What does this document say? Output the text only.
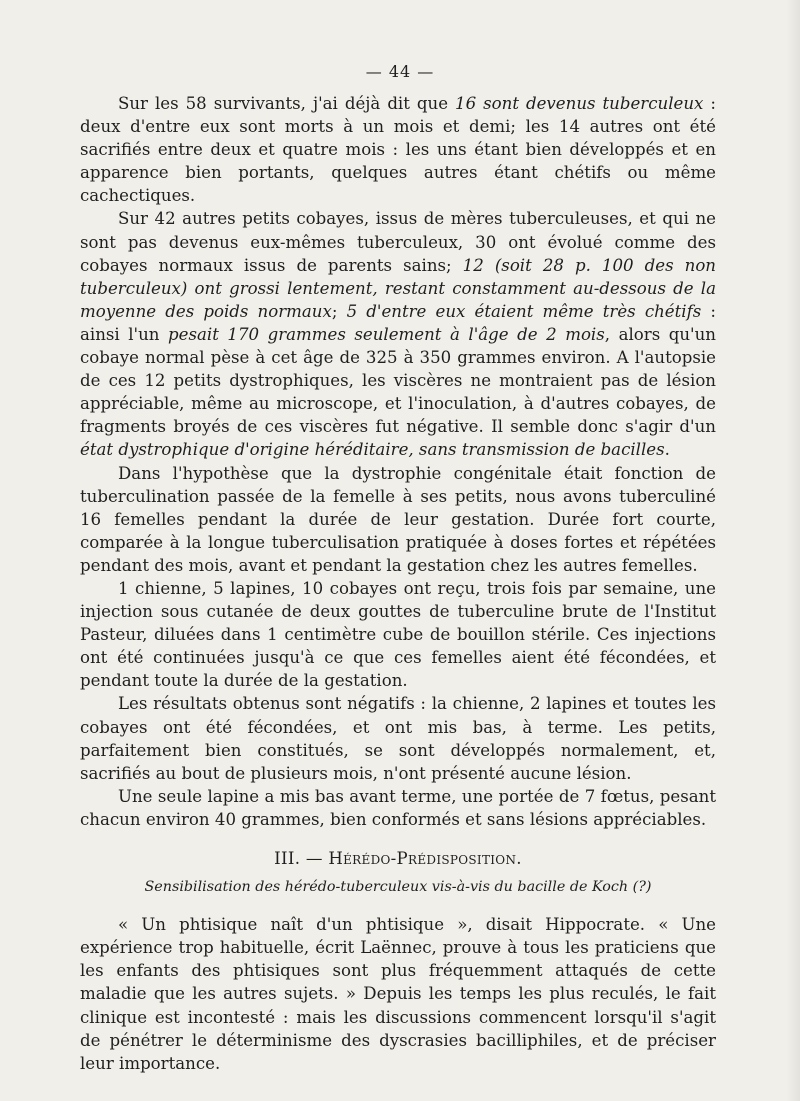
— 44 —

Sur les 58 survivants, j'ai déjà dit que 16 sont devenus tuberculeux : deux d'entre eux sont morts à un mois et demi; les 14 autres ont été sacrifiés entre deux et quatre mois : les uns étant bien développés et en apparence bien portants, quelques autres étant chétifs ou même cachectiques.

Sur 42 autres petits cobayes, issus de mères tuberculeuses, et qui ne sont pas devenus eux-mêmes tuberculeux, 30 ont évolué comme des cobayes normaux issus de parents sains; 12 (soit 28 p. 100 des non tuberculeux) ont grossi lentement, restant constamment au-dessous de la moyenne des poids normaux; 5 d'entre eux étaient même très chétifs : ainsi l'un pesait 170 grammes seulement à l'âge de 2 mois, alors qu'un cobaye normal pèse à cet âge de 325 à 350 grammes environ. A l'autopsie de ces 12 petits dystrophiques, les viscères ne montraient pas de lésion appréciable, même au microscope, et l'inoculation, à d'autres cobayes, de fragments broyés de ces viscères fut négative. Il semble donc s'agir d'un état dystrophique d'origine héréditaire, sans transmission de bacilles.

Dans l'hypothèse que la dystrophie congénitale était fonction de tuberculination passée de la femelle à ses petits, nous avons tuberculiné 16 femelles pendant la durée de leur gestation. Durée fort courte, comparée à la longue tuberculisation pratiquée à doses fortes et répétées pendant des mois, avant et pendant la gestation chez les autres femelles.

1 chienne, 5 lapines, 10 cobayes ont reçu, trois fois par semaine, une injection sous cutanée de deux gouttes de tuberculine brute de l'Institut Pasteur, diluées dans 1 centimètre cube de bouillon stérile. Ces injections ont été continuées jusqu'à ce que ces femelles aient été fécondées, et pendant toute la durée de la gestation.

Les résultats obtenus sont négatifs : la chienne, 2 lapines et toutes les cobayes ont été fécondées, et ont mis bas, à terme. Les petits, parfaitement bien constitués, se sont développés normalement, et, sacrifiés au bout de plusieurs mois, n'ont présenté aucune lésion.

Une seule lapine a mis bas avant terme, une portée de 7 fœtus, pesant chacun environ 40 grammes, bien conformés et sans lésions appréciables.

III. — Hérédo-Prédisposition.
Sensibilisation des hérédo-tuberculeux vis-à-vis du bacille de Koch (?)

« Un phtisique naît d'un phtisique », disait Hippocrate. « Une expérience trop habituelle, écrit Laënnec, prouve à tous les praticiens que les enfants des phtisiques sont plus fréquemment attaqués de cette maladie que les autres sujets. » Depuis les temps les plus reculés, le fait clinique est incontesté : mais les discussions commencent lorsqu'il s'agit de pénétrer le déterminisme des dyscrasies bacilliphiles, et de préciser leur importance.
